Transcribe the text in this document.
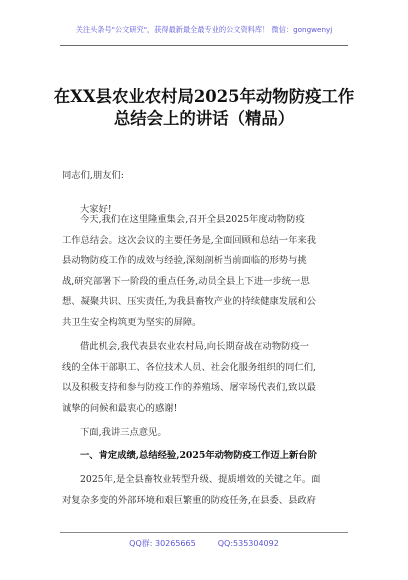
关注头条号"公文研究"，获得最新最全最专业的公文资料库！ 微信：gongwenyj
在XX县农业农村局2025年动物防疫工作
总结会上的讲话（精品）
同志们,朋友们:
大家好!
今天,我们在这里隆重集会,召开全县2025年度动物防疫
工作总结会。这次会议的主要任务是,全面回顾和总结一年来我
县动物防疫工作的成效与经验,深刻剖析当前面临的形势与挑
战,研究部署下一阶段的重点任务,动员全县上下进一步统一思
想、凝聚共识、压实责任,为我县畜牧产业的持续健康发展和公
共卫生安全构筑更为坚实的屏障。
借此机会,我代表县农业农村局,向长期奋战在动物防疫一
线的全体干部职工、各位技术人员、社会化服务组织的同仁们,
以及积极支持和参与防疫工作的养殖场、屠宰场代表们,致以最
诚挚的问候和最衷心的感谢!
下面,我讲三点意见。
一、肯定成绩,总结经验,2025年动物防疫工作迈上新台阶
2025年,是全县畜牧业转型升级、提质增效的关键之年。面
对复杂多变的外部环境和艰巨繁重的防疫任务,在县委、县政府
QQ群: 30265665	QQ:535304092
